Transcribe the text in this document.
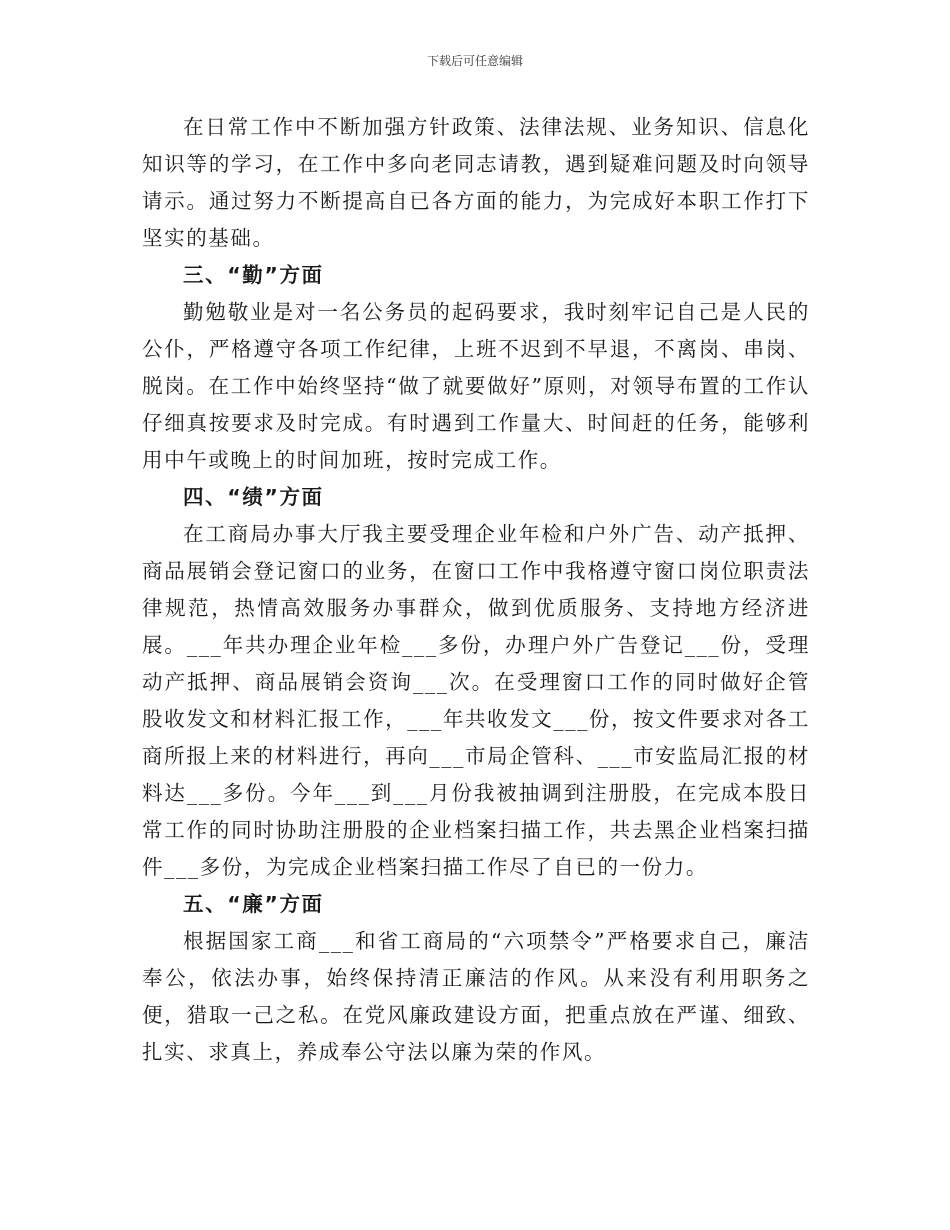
下载后可任意编辑

在日常工作中不断加强方针政策、法律法规、业务知识、信息化知识等的学习，在工作中多向老同志请教，遇到疑难问题及时向领导请示。通过努力不断提高自已各方面的能力，为完成好本职工作打下坚实的基础。

三、“勤”方面

勤勉敬业是对一名公务员的起码要求，我时刻牢记自己是人民的公仆，严格遵守各项工作纪律，上班不迟到不早退，不离岗、串岗、脱岗。在工作中始终坚持“做了就要做好”原则，对领导布置的工作认仔细真按要求及时完成。有时遇到工作量大、时间赶的任务，能够利用中午或晚上的时间加班，按时完成工作。

四、“绩”方面

在工商局办事大厅我主要受理企业年检和户外广告、动产抵押、商品展销会登记窗口的业务，在窗口工作中我格遵守窗口岗位职责法律规范，热情高效服务办事群众，做到优质服务、支持地方经济进展。___年共办理企业年检___多份，办理户外广告登记___份，受理动产抵押、商品展销会资询___次。在受理窗口工作的同时做好企管股收发文和材料汇报工作，___年共收发文___份，按文件要求对各工商所报上来的材料进行，再向___市局企管科、___市安监局汇报的材料达___多份。今年___到___月份我被抽调到注册股，在完成本股日常工作的同时协助注册股的企业档案扫描工作，共去黑企业档案扫描件___多份，为完成企业档案扫描工作尽了自已的一份力。

五、“廉”方面

根据国家工商___和省工商局的“六项禁令”严格要求自己，廉洁奉公，依法办事，始终保持清正廉洁的作风。从来没有利用职务之便，猎取一己之私。在党风廉政建设方面，把重点放在严谨、细致、扎实、求真上，养成奉公守法以廉为荣的作风。
